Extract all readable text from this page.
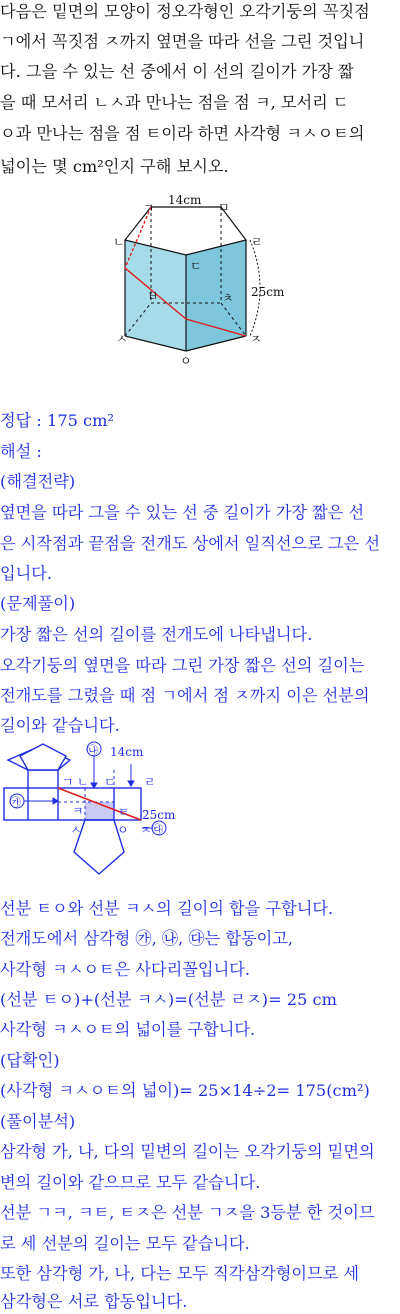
다음은 밑면의 모양이 정오각형인 오각기둥의 꼭짓점
ㄱ에서 꼭짓점 ㅈ까지 옆면을 따라 선을 그린 것입니
다. 그을 수 있는 선 중에서 이 선의 길이가 가장 짧
을 때 모서리 ㄴㅅ과 만나는 점을 점 ㅋ, 모서리 ㄷ
ㅇ과 만나는 점을 점 ㅌ이라 하면 사각형 ㅋㅅㅇㅌ의
넓이는 몇 cm²인지 구해 보시오.
14cm
25cm
ㄱ	ㅁ
ㄴ	ㄹ
ㄷ
ㅂ	ㅊ
ㅅ	ㅈ
ㅇ
정답 : 175 cm²
해설 :
(해결전략)
옆면을 따라 그을 수 있는 선 중 길이가 가장 짧은 선
은 시작점과 끝점을 전개도 상에서 일직선으로 그은 선
입니다.
(문제풀이)
가장 짧은 선의 길이를 전개도에 나타냅니다.
오각기둥의 옆면을 따라 그린 가장 짧은 선의 길이는
전개도를 그렸을 때 점 ㄱ에서 점 ㅈ까지 이은 선분의
길이와 같습니다.
㉮
㉯
㉰
14cm
25cm
ㄱ ㄴ ㄷ ㄹ
ㅋ	ㅌ
ㅅ	ㅇ ㅈ
선분 ㅌㅇ와 선분 ㅋㅅ의 길이의 합을 구합니다.
전개도에서 삼각형 ㉮, ㉯, ㉰는 합동이고,
사각형 ㅋㅅㅇㅌ은 사다리꼴입니다.
(선분 ㅌㅇ)+(선분 ㅋㅅ)=(선분 ㄹㅈ)= 25 cm
사각형 ㅋㅅㅇㅌ의 넓이를 구합니다.
(답확인)
(사각형 ㅋㅅㅇㅌ의 넓이)= 25×14÷2= 175(cm²)
(풀이분석)
삼각형 가, 나, 다의 밑변의 길이는 오각기둥의 밑면의
변의 길이와 같으므로 모두 같습니다.
선분 ㄱㅋ, ㅋㅌ, ㅌㅈ은 선분 ㄱㅈ을 3등분 한 것이므
로 세 선분의 길이는 모두 같습니다.
또한 삼각형 가, 나, 다는 모두 직각삼각형이므로 세
삼각형은 서로 합동입니다.
